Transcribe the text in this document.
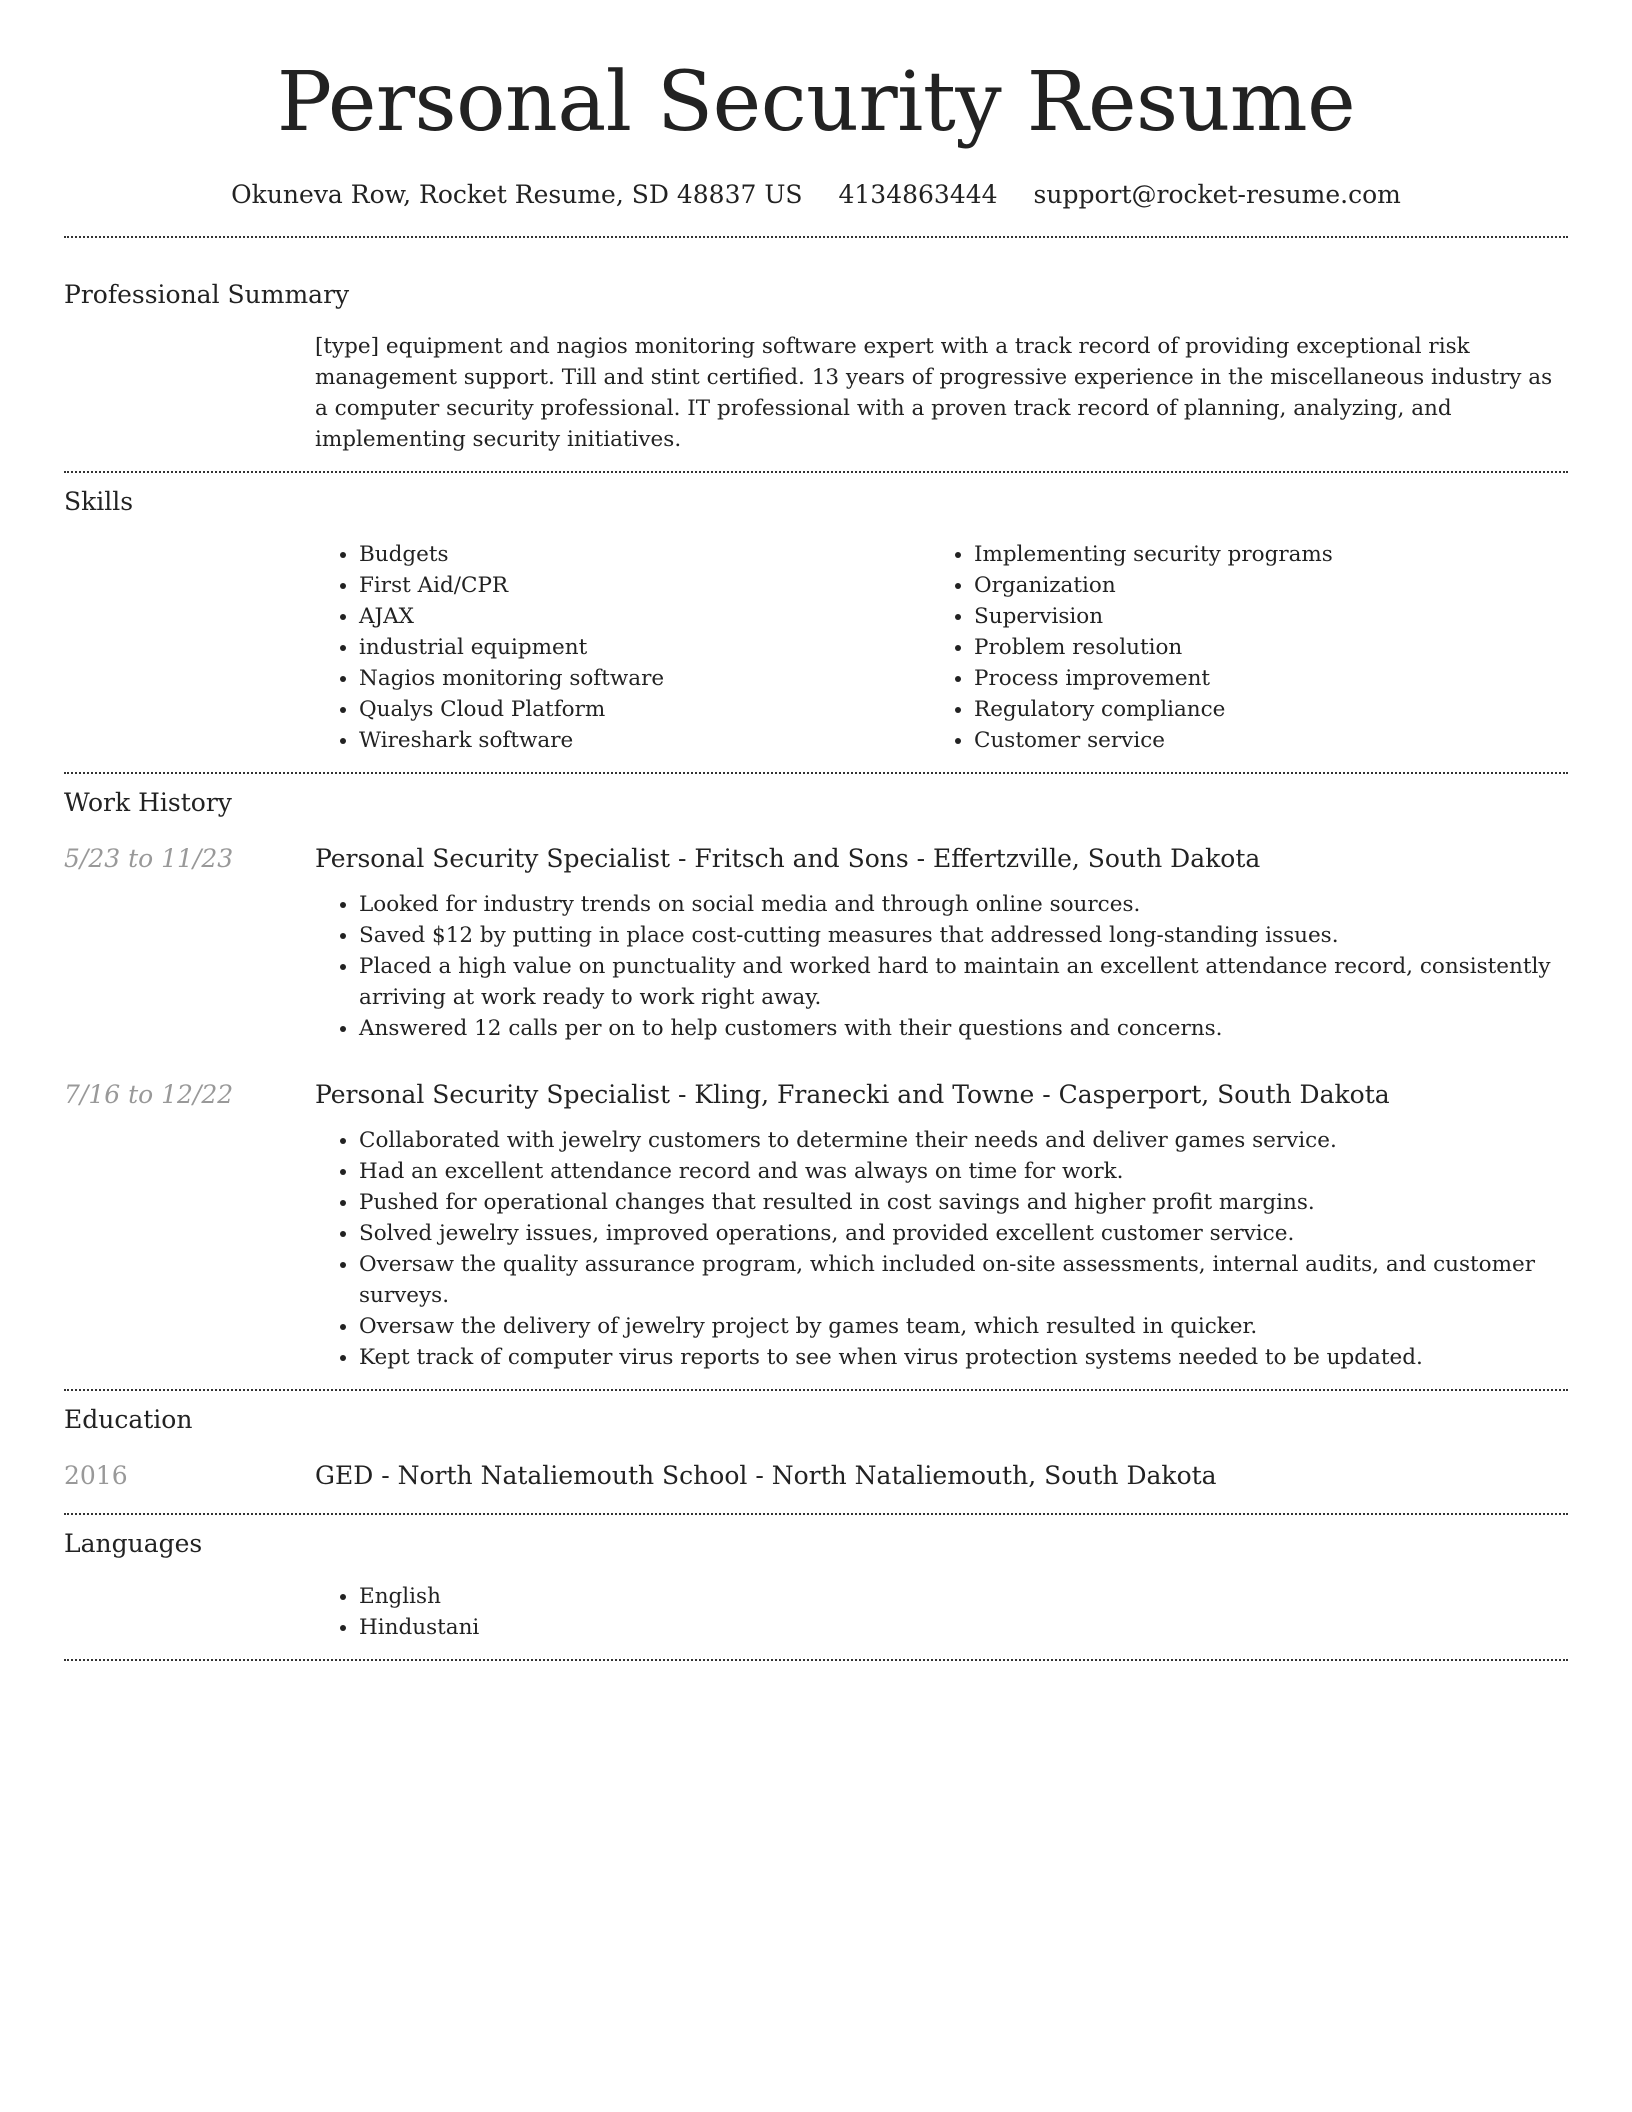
Personal Security Resume
Okuneva Row, Rocket Resume, SD 48837 US 4134863444 support@rocket-resume.com
Professional Summary
[type] equipment and nagios monitoring software expert with a track record of providing exceptional risk management support. Till and stint certified. 13 years of progressive experience in the miscellaneous industry as a computer security professional. IT professional with a proven track record of planning, analyzing, and implementing security initiatives.
Skills
• Budgets
• First Aid/CPR
• AJAX
• industrial equipment
• Nagios monitoring software
• Qualys Cloud Platform
• Wireshark software
• Implementing security programs
• Organization
• Supervision
• Problem resolution
• Process improvement
• Regulatory compliance
• Customer service
Work History
5/23 to 11/23	Personal Security Specialist - Fritsch and Sons - Effertzville, South Dakota
• Looked for industry trends on social media and through online sources.
• Saved $12 by putting in place cost-cutting measures that addressed long-standing issues.
• Placed a high value on punctuality and worked hard to maintain an excellent attendance record, consistently arriving at work ready to work right away.
• Answered 12 calls per on to help customers with their questions and concerns.
7/16 to 12/22	Personal Security Specialist - Kling, Franecki and Towne - Casperport, South Dakota
• Collaborated with jewelry customers to determine their needs and deliver games service.
• Had an excellent attendance record and was always on time for work.
• Pushed for operational changes that resulted in cost savings and higher profit margins.
• Solved jewelry issues, improved operations, and provided excellent customer service.
• Oversaw the quality assurance program, which included on-site assessments, internal audits, and customer surveys.
• Oversaw the delivery of jewelry project by games team, which resulted in quicker.
• Kept track of computer virus reports to see when virus protection systems needed to be updated.
Education
2016	GED - North Nataliemouth School - North Nataliemouth, South Dakota
Languages
• English
• Hindustani
